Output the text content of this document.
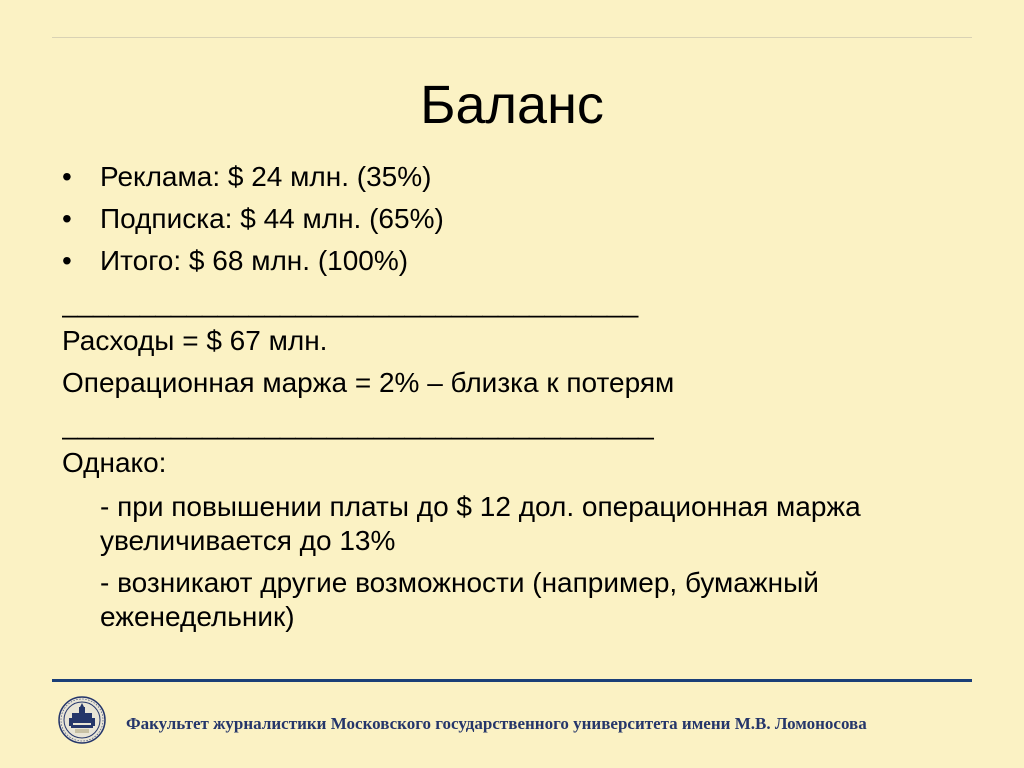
Баланс
•	Реклама: $ 24 млн. (35%)
•	Подписка: $ 44 млн. (65%)
•	Итого: $ 68 млн. (100%)
_____________________________________
Расходы = $ 67 млн.
Операционная маржа = 2% – близка к потерям
______________________________________
Однако:
- при повышении платы до $ 12 дол. операционная маржа увеличивается до 13%
- возникают другие возможности (например, бумажный еженедельник)
Факультет журналистики Московского государственного университета имени М.В. Ломоносова
